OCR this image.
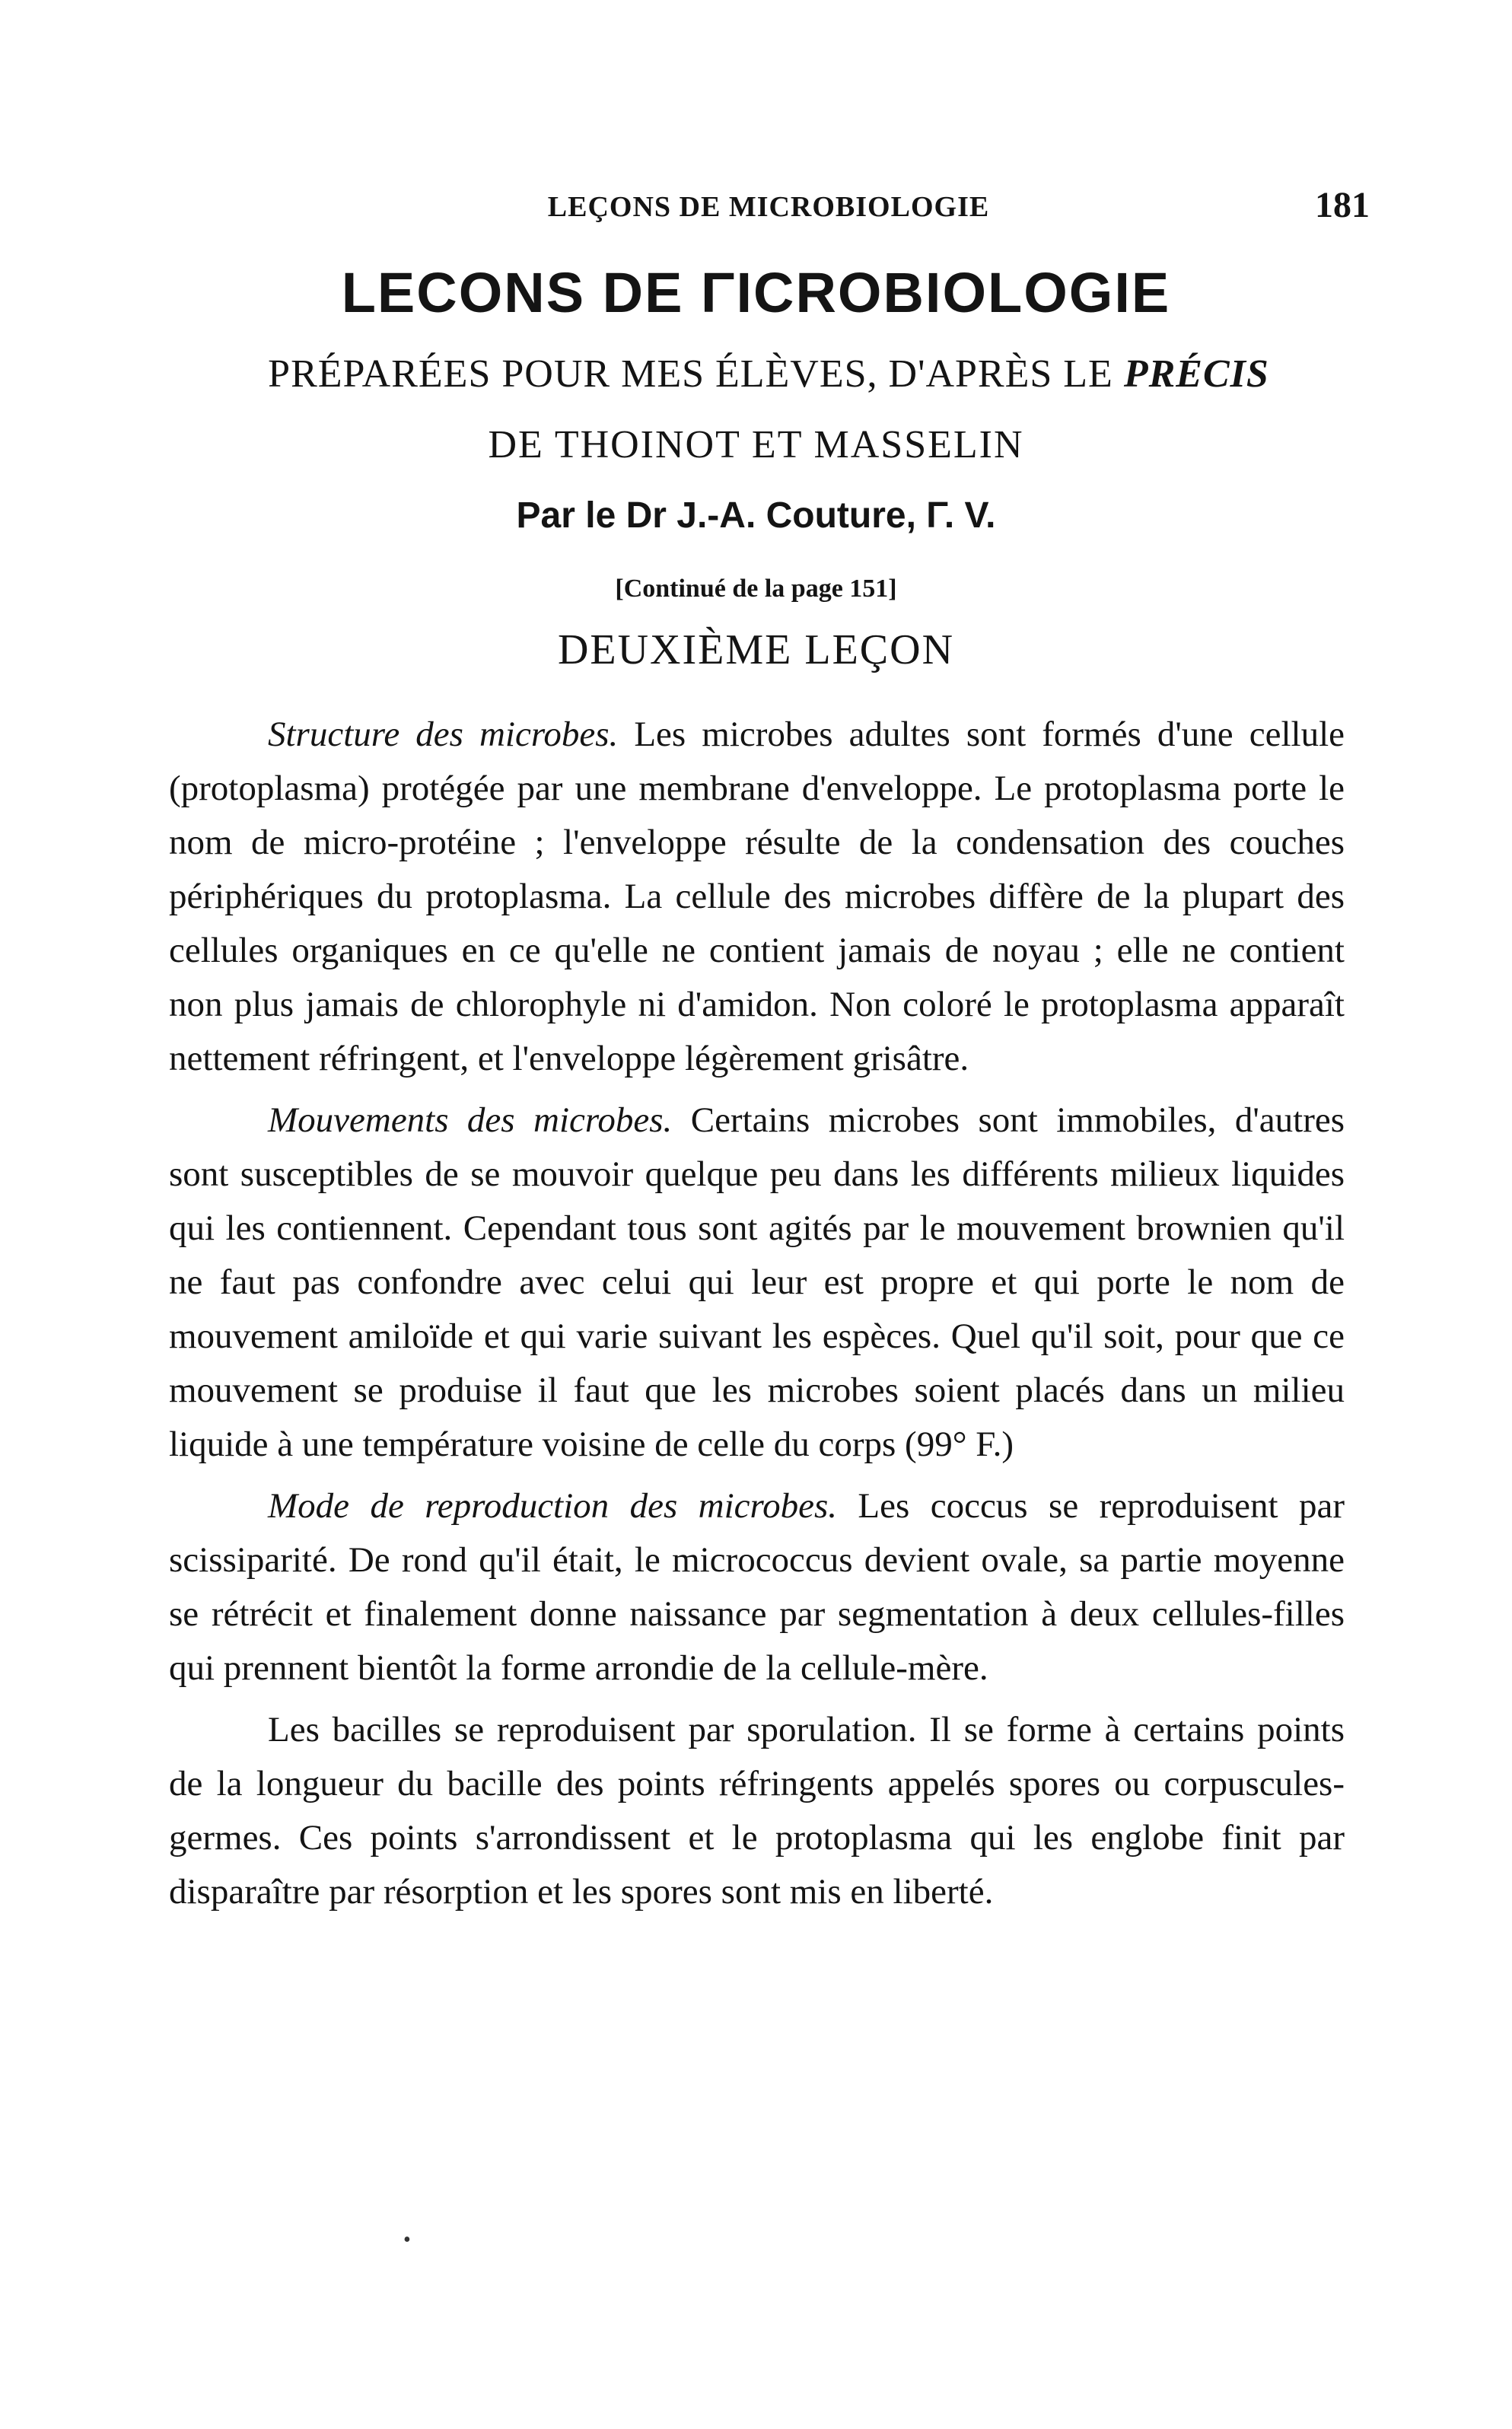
LEÇONS DE MICROBIOLOGIE	181
LECONS DE ΓICROBIOLOGIE
PRÉPARÉES POUR MES ÉLÈVES, D'APRÈS LE PRÉCIS
DE THOINOT ET MASSELIN
Par le Dr J.-A. Couture, Γ. V.
[Continué de la page 151]
DEUXIÈME LEÇON

Structure des microbes. Les microbes adultes sont formés d'une cellule (protoplasma) protégée par une membrane d'enveloppe. Le protoplasma porte le nom de micro-protéine ; l'enveloppe résulte de la condensation des couches périphériques du protoplasma. La cellule des microbes diffère de la plupart des cellules organiques en ce qu'elle ne contient jamais de noyau ; elle ne contient non plus jamais de chlorophyle ni d'amidon. Non coloré le protoplasma apparaît nettement réfringent, et l'enveloppe légèrement grisâtre.

Mouvements des microbes. Certains microbes sont immobiles, d'autres sont susceptibles de se mouvoir quelque peu dans les différents milieux liquides qui les contiennent. Cependant tous sont agités par le mouvement brownien qu'il ne faut pas confondre avec celui qui leur est propre et qui porte le nom de mouvement amiloïde et qui varie suivant les espèces. Quel qu'il soit, pour que ce mouvement se produise il faut que les microbes soient placés dans un milieu liquide à une température voisine de celle du corps (99° F.)

Mode de reproduction des microbes. Les coccus se reproduisent par scissiparité. De rond qu'il était, le micrococcus devient ovale, sa partie moyenne se rétrécit et finalement donne naissance par segmentation à deux cellules-filles qui prennent bientôt la forme arrondie de la cellule-mère.

Les bacilles se reproduisent par sporulation. Il se forme à certains points de la longueur du bacille des points réfringents appelés spores ou corpuscules-germes. Ces points s'arrondissent et le protoplasma qui les englobe finit par disparaître par résorption et les spores sont mis en liberté.

•
